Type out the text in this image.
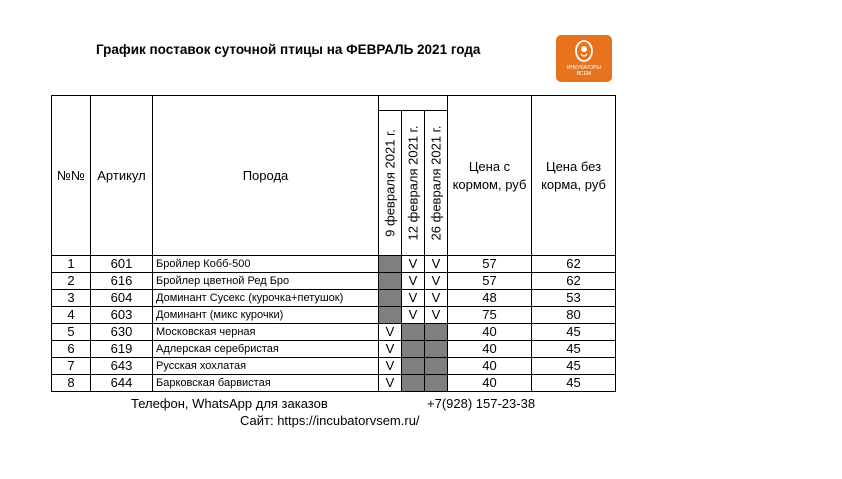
График поставок суточной птицы на ФЕВРАЛЬ 2021 года
ИНКУБАТОРЫ
ВСЕМ
№№	Артикул	Порода				Цена с кормом, руб	Цена без корма, руб

			9 февраля 2021 г.	12 февраля 2021 г.	26 февраля 2021 г.		

1	601	Бройлер Кобб-500		V	V	57	62
2	616	Бройлер цветной Ред Бро		V	V	57	62
3	604	Доминант Сусекс (курочка+петушок)		V	V	48	53
4	603	Доминант (микс курочки)		V	V	75	80
5	630	Московская черная	V			40	45
6	619	Адлерская серебристая	V			40	45
7	643	Русская хохлатая	V			40	45
8	644	Барковская барвистая	V			40	45
Телефон, WhatsApp для заказов	+7(928) 157-23-38
Сайт: https://incubatorvsem.ru/
